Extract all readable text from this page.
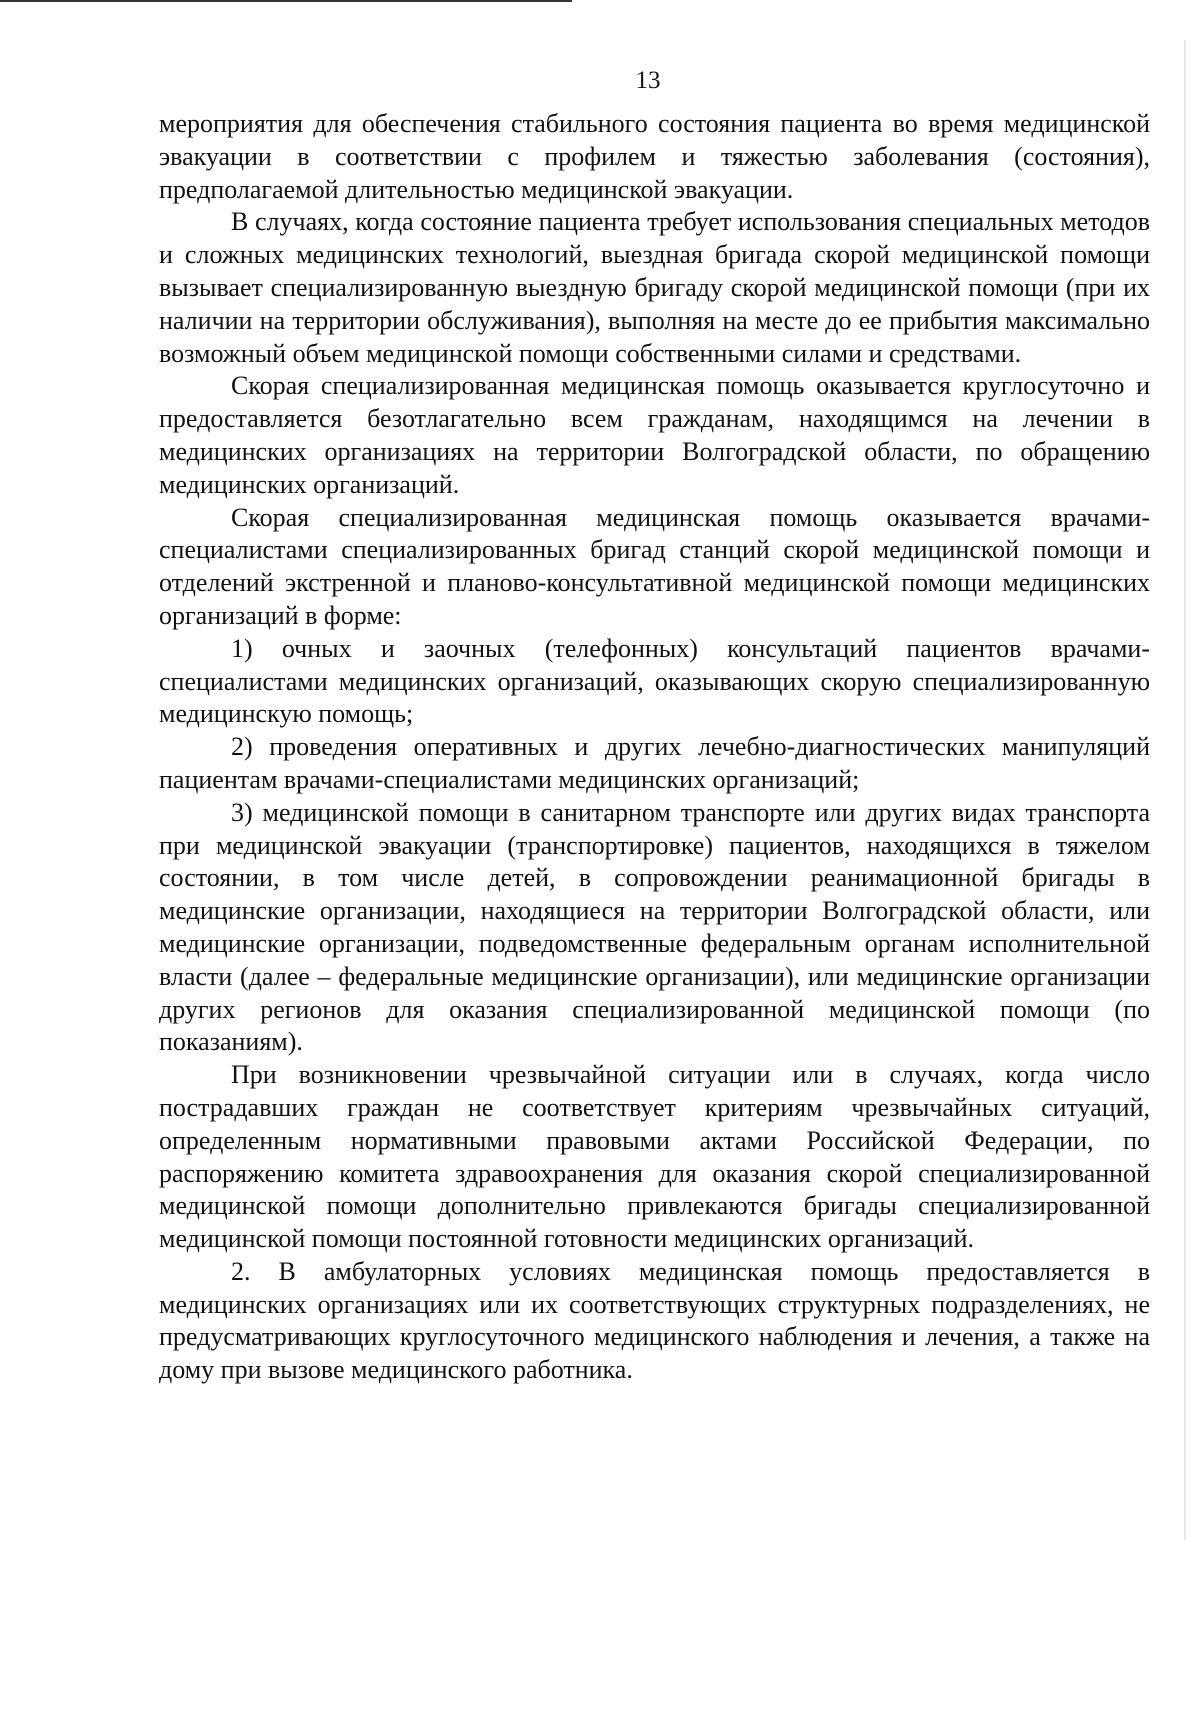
13

мероприятия для обеспечения стабильного состояния пациента во время медицинской эвакуации в соответствии с профилем и тяжестью заболевания (состояния), предполагаемой длительностью медицинской эвакуации.

В случаях, когда состояние пациента требует использования специальных методов и сложных медицинских технологий, выездная бригада скорой медицинской помощи вызывает специализированную выездную бригаду скорой медицинской помощи (при их наличии на территории обслуживания), выполняя на месте до ее прибытия максимально возможный объем медицинской помощи собственными силами и средствами.

Скорая специализированная медицинская помощь оказывается круглосуточно и предоставляется безотлагательно всем гражданам, находящимся на лечении в медицинских организациях на территории Волгоградской области, по обращению медицинских организаций.

Скорая специализированная медицинская помощь оказывается врачами-специалистами специализированных бригад станций скорой медицинской помощи и отделений экстренной и планово-консультативной медицинской помощи медицинских организаций в форме:

1) очных и заочных (телефонных) консультаций пациентов врачами-специалистами медицинских организаций, оказывающих скорую специализированную медицинскую помощь;

2) проведения оперативных и других лечебно-диагностических манипуляций пациентам врачами-специалистами медицинских организаций;

3) медицинской помощи в санитарном транспорте или других видах транспорта при медицинской эвакуации (транспортировке) пациентов, находящихся в тяжелом состоянии, в том числе детей, в сопровождении реанимационной бригады в медицинские организации, находящиеся на территории Волгоградской области, или медицинские организации, подведомственные федеральным органам исполнительной власти (далее – федеральные медицинские организации), или медицинские организации других регионов для оказания специализированной медицинской помощи (по показаниям).

При возникновении чрезвычайной ситуации или в случаях, когда число пострадавших граждан не соответствует критериям чрезвычайных ситуаций, определенным нормативными правовыми актами Российской Федерации, по распоряжению комитета здравоохранения для оказания скорой специализированной медицинской помощи дополнительно привлекаются бригады специализированной медицинской помощи постоянной готовности медицинских организаций.

2. В амбулаторных условиях медицинская помощь предоставляется в медицинских организациях или их соответствующих структурных подразделениях, не предусматривающих круглосуточного медицинского наблюдения и лечения, а также на дому при вызове медицинского работника.
